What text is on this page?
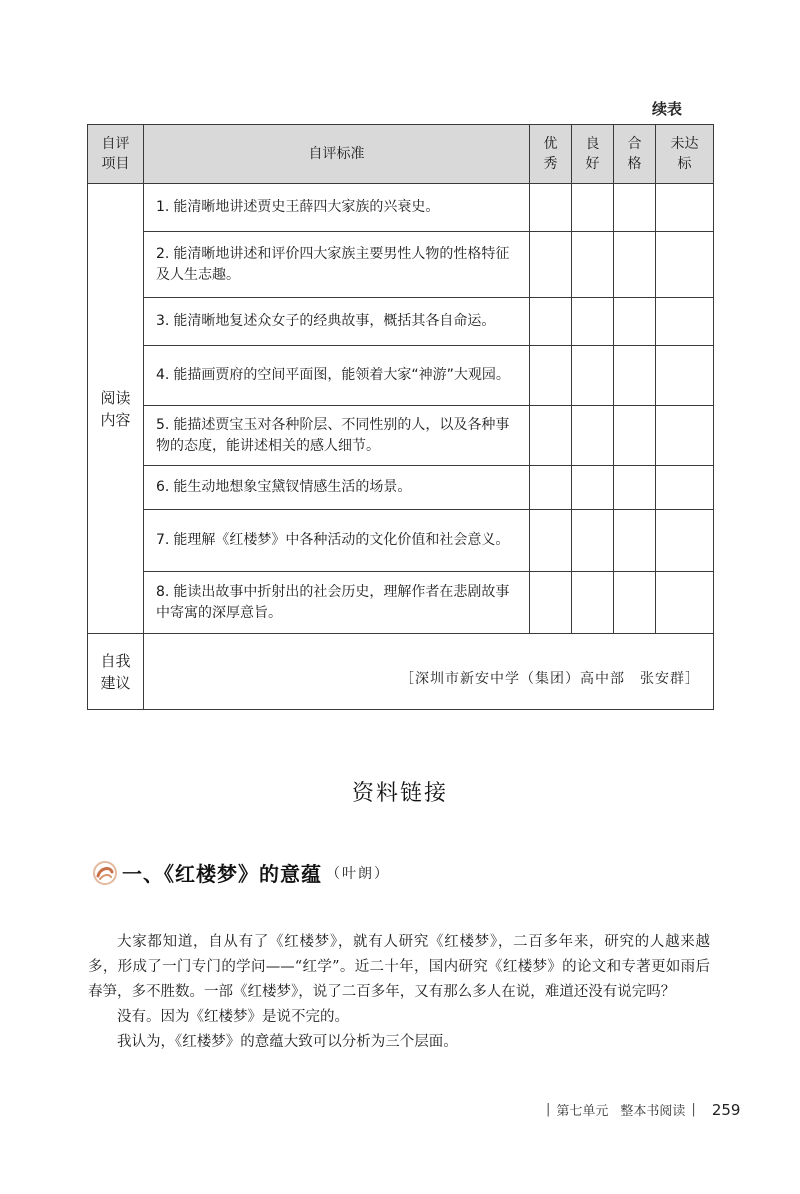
续表
自评项目	自评标准	优秀	良好	合格	未达标
阅读内容	1. 能清晰地讲述贾史王薛四大家族的兴衰史。				
	2. 能清晰地讲述和评价四大家族主要男性人物的性格特征及人生志趣。				
	3. 能清晰地复述众女子的经典故事，概括其各自命运。				
	4. 能描画贾府的空间平面图，能领着大家“神游”大观园。				
	5. 能描述贾宝玉对各种阶层、不同性别的人，以及各种事物的态度，能讲述相关的感人细节。				
	6. 能生动地想象宝黛钗情感生活的场景。				
	7. 能理解《红楼梦》中各种活动的文化价值和社会意义。				
	8. 能读出故事中折射出的社会历史，理解作者在悲剧故事中寄寓的深厚意旨。				
自我建议						［深圳市新安中学（集团）高中部　张安群］
资料链接
一、《红楼梦》的意蕴 （叶朗）

大家都知道，自从有了《红楼梦》，就有人研究《红楼梦》，二百多年来，研究的人越来越多，形成了一门专门的学问——“红学”。近二十年，国内研究《红楼梦》的论文和专著更如雨后春笋，多不胜数。一部《红楼梦》，说了二百多年，又有那么多人在说，难道还没有说完吗？

没有。因为《红楼梦》是说不完的。

我认为，《红楼梦》的意蕴大致可以分析为三个层面。

| 第七单元 整本书阅读 | 259
